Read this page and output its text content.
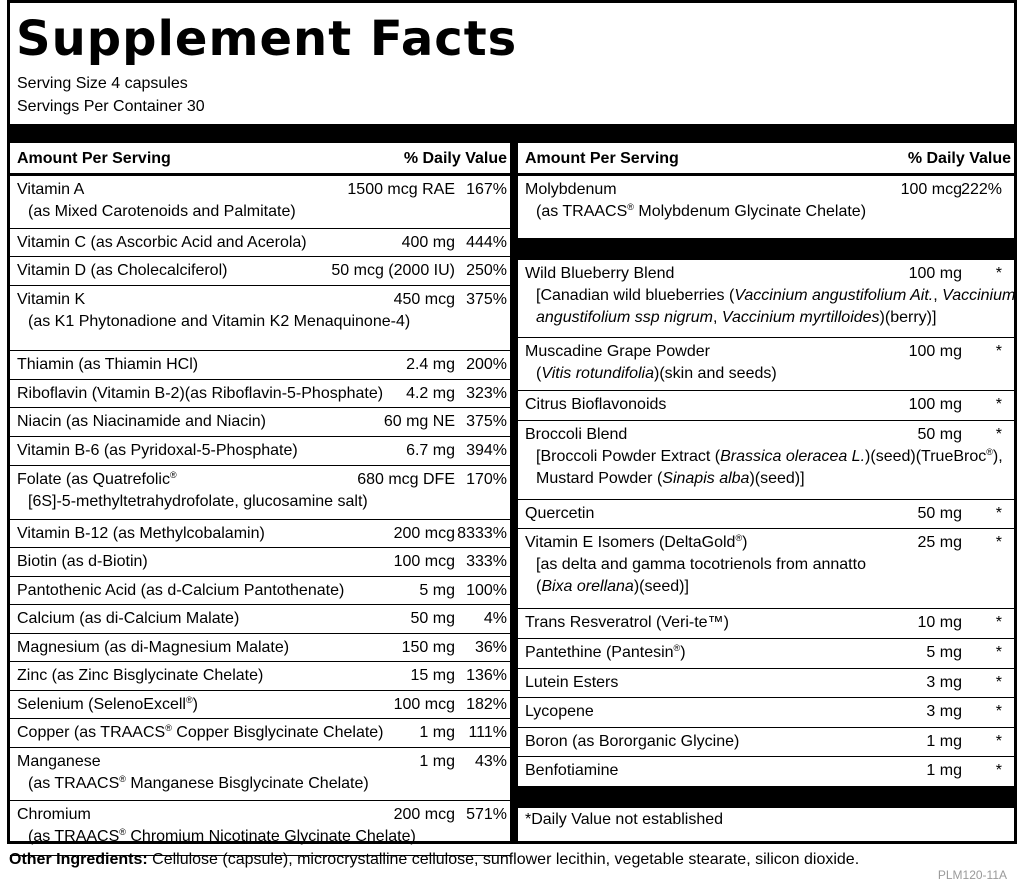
Supplement Facts
Serving Size 4 capsules
Servings Per Container 30
Amount Per Serving	% Daily Value
Vitamin A	1500 mcg RAE 167%
(as Mixed Carotenoids and Palmitate)
Vitamin C (as Ascorbic Acid and Acerola)	400 mg 444%
Vitamin D (as Cholecalciferol)	50 mcg (2000 IU) 250%
Vitamin K	450 mcg 375%
(as K1 Phytonadione and Vitamin K2 Menaquinone-4)
Thiamin (as Thiamin HCl)	2.4 mg 200%
Riboflavin (Vitamin B-2)(as Riboflavin-5-Phosphate) 4.2 mg 323%
Niacin (as Niacinamide and Niacin)	60 mg NE 375%
Vitamin B-6 (as Pyridoxal-5-Phosphate)	6.7 mg 394%
Folate (as Quatrefolic®	680 mcg DFE 170%
[6S]-5-methyltetrahydrofolate, glucosamine salt)
Vitamin B-12 (as Methylcobalamin)	200 mcg 8333%
Biotin (as d-Biotin)	100 mcg 333%
Pantothenic Acid (as d-Calcium Pantothenate)	5 mg 100%
Calcium (as di-Calcium Malate)	50 mg 4%
Magnesium (as di-Magnesium Malate)	150 mg 36%
Zinc (as Zinc Bisglycinate Chelate)	15 mg 136%
Selenium (SelenoExcell®)	100 mcg 182%
Copper (as TRAACS® Copper Bisglycinate Chelate) 1 mg 111%
Manganese	1 mg 43%
(as TRAACS® Manganese Bisglycinate Chelate)
Chromium	200 mcg 571%
(as TRAACS® Chromium Nicotinate Glycinate Chelate)
Amount Per Serving	% Daily Value
Molybdenum	100 mcg 222%
(as TRAACS® Molybdenum Glycinate Chelate)
Wild Blueberry Blend	100 mg *
[Canadian wild blueberries (Vaccinium angustifolium Ait., Vaccinium
angustifolium ssp nigrum, Vaccinium myrtilloides)(berry)]
Muscadine Grape Powder	100 mg *
(Vitis rotundifolia)(skin and seeds)
Citrus Bioflavonoids	100 mg *
Broccoli Blend	50 mg *
[Broccoli Powder Extract (Brassica oleracea L.)(seed)(TrueBroc®),
Mustard Powder (Sinapis alba)(seed)]
Quercetin	50 mg *
Vitamin E Isomers (DeltaGold®)	25 mg *
[as delta and gamma tocotrienols from annatto
(Bixa orellana)(seed)]
Trans Resveratrol (Veri-te™)	10 mg *
Pantethine (Pantesin®)	5 mg *
Lutein Esters	3 mg *
Lycopene	3 mg *
Boron (as Bororganic Glycine)	1 mg *
Benfotiamine	1 mg *
*Daily Value not established
Other Ingredients: Cellulose (capsule), microcrystalline cellulose, sunflower lecithin, vegetable stearate, silicon dioxide.
PLM120-11A
